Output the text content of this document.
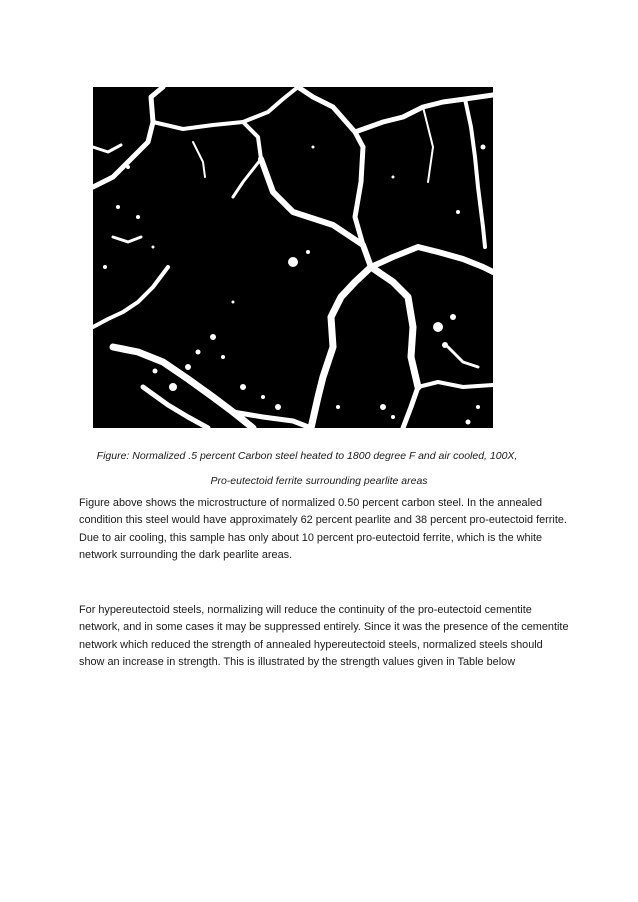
Figure: Normalized .5 percent Carbon steel heated to 1800 degree F and air cooled, 100X,
Pro-eutectoid ferrite surrounding pearlite areas

Figure above shows the microstructure of normalized 0.50 percent carbon steel. In the annealed condition this steel would have approximately 62 percent pearlite and 38 percent pro-eutectoid ferrite. Due to air cooling, this sample has only about 10 percent pro-eutectoid ferrite, which is the white network surrounding the dark pearlite areas.

For hypereutectoid steels, normalizing will reduce the continuity of the pro-eutectoid cementite network, and in some cases it may be suppressed entirely. Since it was the presence of the cementite network which reduced the strength of annealed hypereutectoid steels, normalized steels should show an increase in strength. This is illustrated by the strength values given in Table below
